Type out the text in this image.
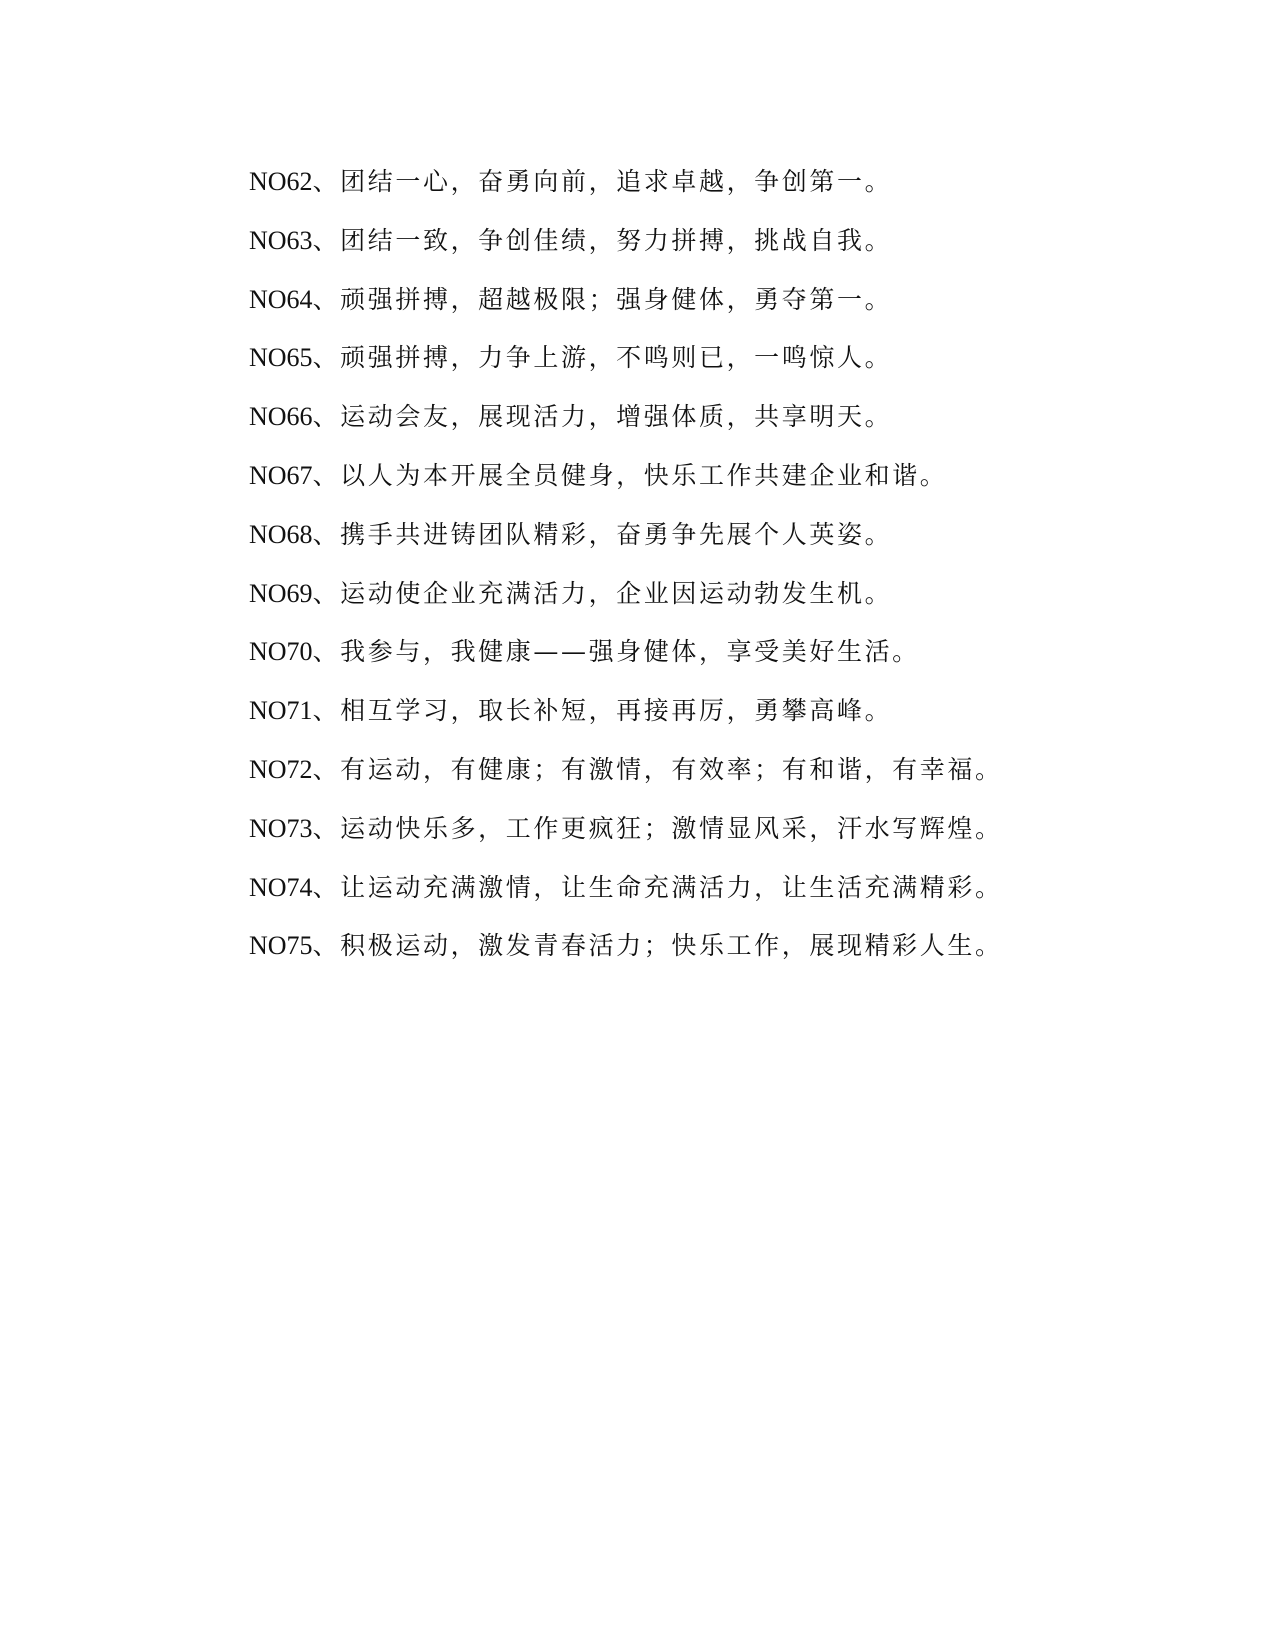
NO62、团结一心，奋勇向前，追求卓越，争创第一。
NO63、团结一致，争创佳绩，努力拼搏，挑战自我。
NO64、顽强拼搏，超越极限；强身健体，勇夺第一。
NO65、顽强拼搏，力争上游，不鸣则已，一鸣惊人。
NO66、运动会友，展现活力，增强体质，共享明天。
NO67、以人为本开展全员健身，快乐工作共建企业和谐。
NO68、携手共进铸团队精彩，奋勇争先展个人英姿。
NO69、运动使企业充满活力，企业因运动勃发生机。
NO70、我参与，我健康——强身健体，享受美好生活。
NO71、相互学习，取长补短，再接再厉，勇攀高峰。
NO72、有运动，有健康；有激情，有效率；有和谐，有幸福。
NO73、运动快乐多，工作更疯狂；激情显风采，汗水写辉煌。
NO74、让运动充满激情，让生命充满活力，让生活充满精彩。
NO75、积极运动，激发青春活力；快乐工作，展现精彩人生。
